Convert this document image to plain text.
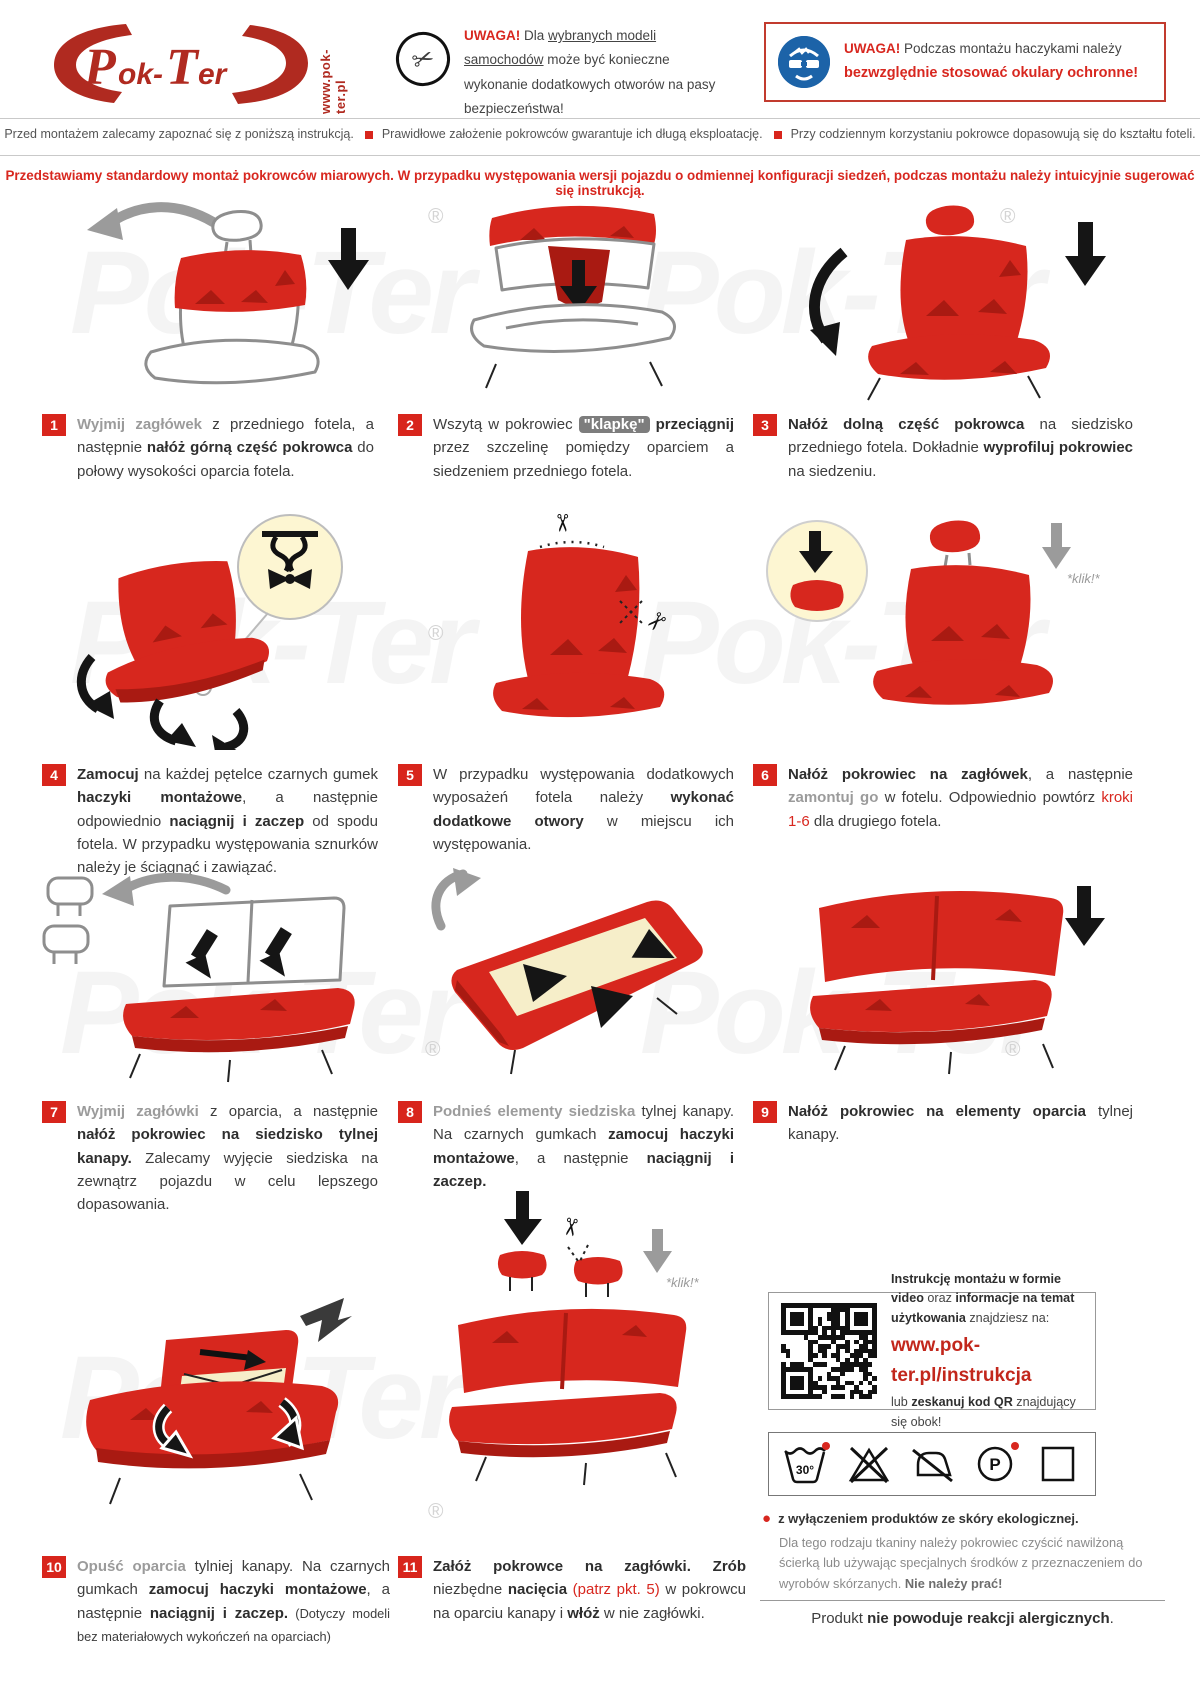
®	®
®
®	®
®
P ok- T er	www.pok-ter.pl
✂
UWAGA! Dla wybranych modeli samochodów może być konieczne wykonanie dodatkowych otworów na pasy bezpieczeństwa!
UWAGA! Podczas montażu haczykami należy
bezwzględnie stosować okulary ochronne!
Przed montażem zalecamy zapoznać się z poniższą instrukcją. Prawidłowe założenie pokrowców gwarantuje ich długą eksploatację. Przy codziennym korzystaniu pokrowce dopasowują się do kształtu foteli.
Przedstawiamy standardowy montaż pokrowców miarowych. W przypadku występowania wersji pojazdu o odmiennej konfiguracji siedzeń, podczas montażu należy intuicyjnie sugerować się instrukcją.
1	Wyjmij zagłówek z przedniego fotela, a następnie nałóż górną część pokrowca do połowy wysokości oparcia fotela.
2	Wszytą w pokrowiec "klapkę" przeciągnij przez szczelinę pomiędzy oparciem a siedzeniem przedniego fotela.
3	Nałóż dolną część pokrowca na siedzisko przedniego fotela. Dokładnie wyprofiluj pokrowiec na siedzeniu.
✂
✂
*klik!*
4	Zamocuj na każdej pętelce czarnych gumek haczyki montażowe, a następnie odpowiednio naciągnij i zaczep od spodu fotela. W przypadku występowania sznurków należy je ściągnąć i zawiązać.
5	W przypadku występowania dodatkowych wyposażeń fotela należy wykonać dodatkowe otwory w miejscu ich występowania.
6	Nałóż pokrowiec na zagłówek, a następnie zamontuj go w fotelu. Odpowiednio powtórz kroki 1-6 dla drugiego fotela.
7	Wyjmij zagłówki z oparcia, a następnie nałóż pokrowiec na siedzisko tylnej kanapy. Zalecamy wyjęcie siedziska na zewnątrz pojazdu w celu lepszego dopasowania.
8	Podnieś elementy siedziska tylnej kanapy. Na czarnych gumkach zamocuj haczyki montażowe, a następnie naciągnij i zaczep.
9	Nałóż pokrowiec na elementy oparcia tylnej kanapy.
✂
*klik!*
10 Opuść oparcia tylniej kanapy. Na czarnych gumkach zamocuj haczyki montażowe, a następnie naciągnij i zaczep. (Dotyczy modeli bez materiałowych wykończeń na oparciach)
11	Załóż pokrowce na zagłówki. Zrób niezbędne nacięcia (patrz pkt. 5) w pokrowcu na oparciu kanapy i włóż w nie zagłówki.
Instrukcję montażu w formie video oraz informacje na temat użytkowania znajdziesz na:
www.pok-ter.pl/instrukcja
lub zeskanuj kod QR znajdujący się obok!
30°	P
● z wyłączeniem produktów ze skóry ekologicznej.
Dla tego rodzaju tkaniny należy pokrowiec czyścić nawilżoną ścierką lub używając specjalnych środków z przeznaczeniem do wyrobów skórzanych. Nie należy prać!
Produkt nie powoduje reakcji alergicznych.
